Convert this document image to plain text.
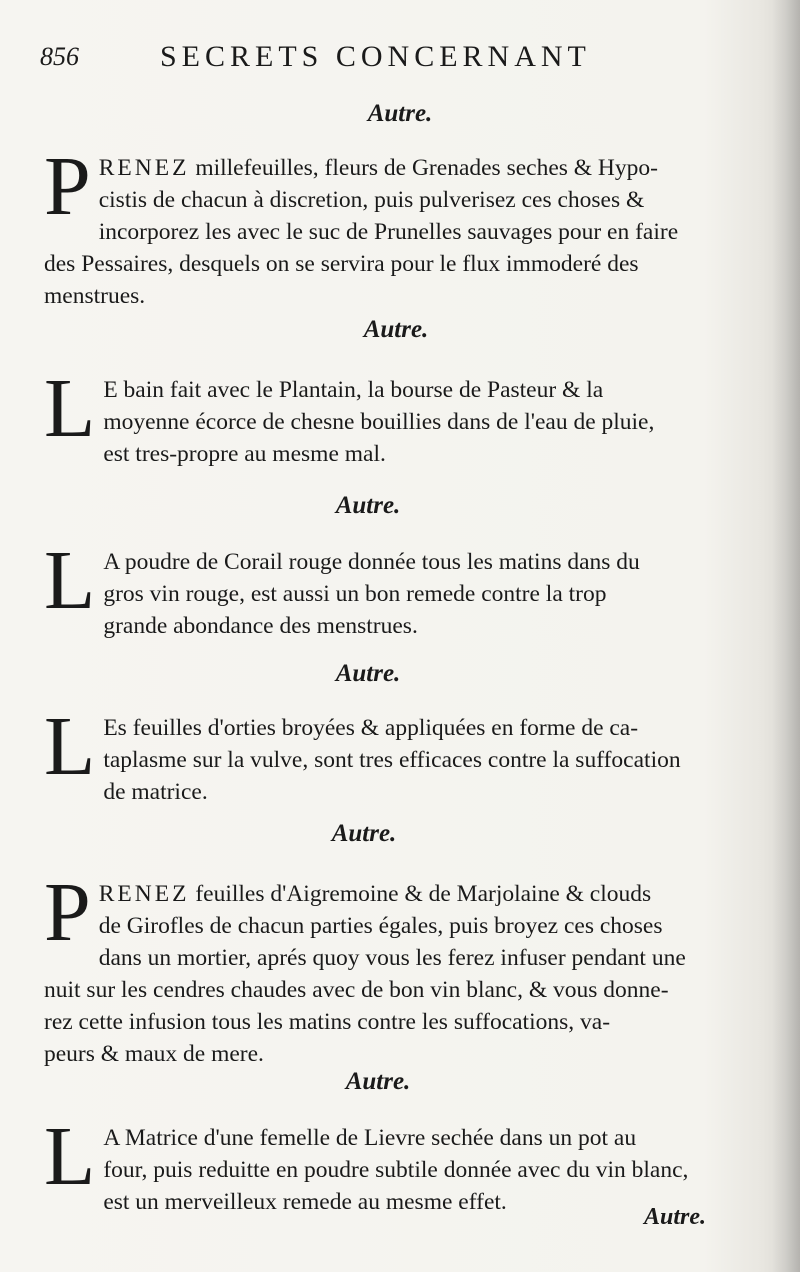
856	SECRETS CONCERNANT
Autre.
P RENEZ millefeuilles, fleurs de Grenades seches & Hypo-
cistis de chacun à discretion, puis pulverisez ces choses &
incorporez les avec le suc de Prunelles sauvages pour en faire
des Pessaires, desquels on se servira pour le flux immoderé des
menstrues.
Autre.
L E bain fait avec le Plantain, la bourse de Pasteur & la
moyenne écorce de chesne bouillies dans de l'eau de pluie,
est tres-propre au mesme mal.
Autre.
L A poudre de Corail rouge donnée tous les matins dans du
gros vin rouge, est aussi un bon remede contre la trop
grande abondance des menstrues.
Autre.
L Es feuilles d'orties broyées & appliquées en forme de ca-
taplasme sur la vulve, sont tres efficaces contre la suffocation
de matrice.
Autre.
P RENEZ feuilles d'Aigremoine & de Marjolaine & clouds
de Girofles de chacun parties égales, puis broyez ces choses
dans un mortier, aprés quoy vous les ferez infuser pendant une
nuit sur les cendres chaudes avec de bon vin blanc, & vous donne-
rez cette infusion tous les matins contre les suffocations, va-
peurs & maux de mere.
Autre.
L A Matrice d'une femelle de Lievre sechée dans un pot au
four, puis reduitte en poudre subtile donnée avec du vin blanc,
est un merveilleux remede au mesme effet.
Autre.
